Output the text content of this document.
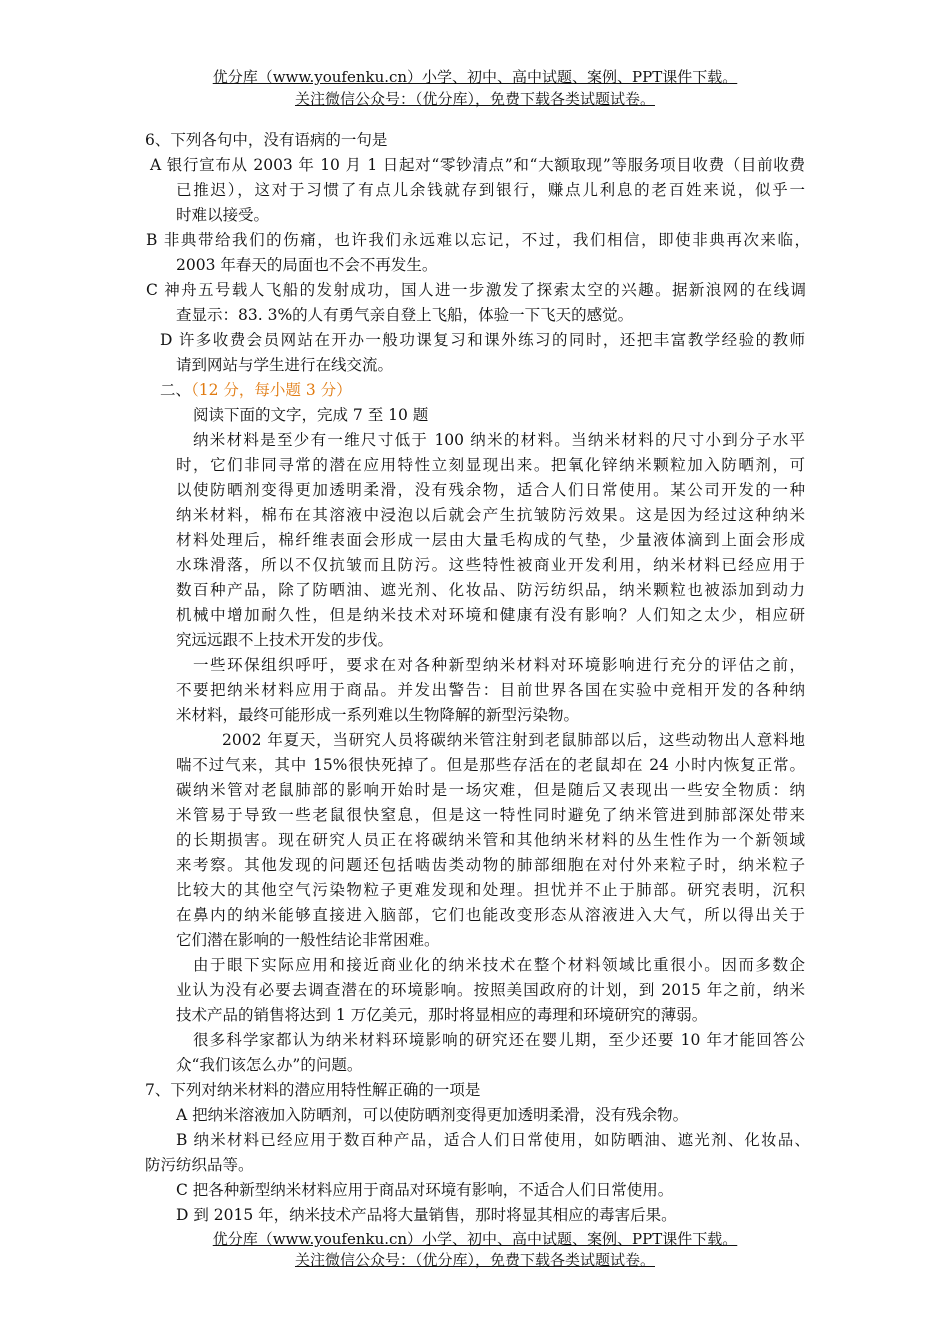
优分库（www.youfenku.cn）小学、初中、高中试题、案例、PPT课件下载。
关注微信公众号：（优分库），免费下载各类试题试卷。
6、下列各句中，没有语病的一句是
A 银行宣布从 2003 年 10 月 1 日起对“零钞清点”和“大额取现”等服务项目收费（目前收费
已推迟），这对于习惯了有点儿余钱就存到银行，赚点儿利息的老百姓来说，似乎一
时难以接受。
B 非典带给我们的伤痛，也许我们永远难以忘记，不过，我们相信，即使非典再次来临，
2003 年春天的局面也不会不再发生。
C 神舟五号载人飞船的发射成功，国人进一步激发了探索太空的兴趣。据新浪网的在线调
查显示：83. 3%的人有勇气亲自登上飞船，体验一下飞天的感觉。
D 许多收费会员网站在开办一般功课复习和课外练习的同时，还把丰富教学经验的教师
请到网站与学生进行在线交流。
二、（12 分，每小题 3 分）
阅读下面的文字，完成 7 至 10 题
纳米材料是至少有一维尺寸低于 100 纳米的材料。当纳米材料的尺寸小到分子水平
时，它们非同寻常的潜在应用特性立刻显现出来。把氧化锌纳米颗粒加入防晒剂，可
以使防晒剂变得更加透明柔滑，没有残余物，适合人们日常使用。某公司开发的一种
纳米材料，棉布在其溶液中浸泡以后就会产生抗皱防污效果。这是因为经过这种纳米
材料处理后，棉纤维表面会形成一层由大量毛构成的气垫，少量液体滴到上面会形成
水珠滑落，所以不仅抗皱而且防污。这些特性被商业开发利用，纳米材料已经应用于
数百种产品，除了防晒油、遮光剂、化妆品、防污纺织品，纳米颗粒也被添加到动力
机械中增加耐久性，但是纳米技术对环境和健康有没有影响？人们知之太少，相应研
究远远跟不上技术开发的步伐。
一些环保组织呼吁，要求在对各种新型纳米材料对环境影响进行充分的评估之前，
不要把纳米材料应用于商品。并发出警告：目前世界各国在实验中竞相开发的各种纳
米材料，最终可能形成一系列难以生物降解的新型污染物。
2002 年夏天，当研究人员将碳纳米管注射到老鼠肺部以后，这些动物出人意料地
喘不过气来，其中 15%很快死掉了。但是那些存活在的老鼠却在 24 小时内恢复正常。
碳纳米管对老鼠肺部的影响开始时是一场灾难，但是随后又表现出一些安全物质：纳
米管易于导致一些老鼠很快窒息，但是这一特性同时避免了纳米管进到肺部深处带来
的长期损害。现在研究人员正在将碳纳米管和其他纳米材料的丛生性作为一个新领域
来考察。其他发现的问题还包括啮齿类动物的肺部细胞在对付外来粒子时，纳米粒子
比较大的其他空气污染物粒子更难发现和处理。担忧并不止于肺部。研究表明，沉积
在鼻内的纳米能够直接进入脑部，它们也能改变形态从溶液进入大气，所以得出关于
它们潜在影响的一般性结论非常困难。
由于眼下实际应用和接近商业化的纳米技术在整个材料领域比重很小。因而多数企
业认为没有必要去调查潜在的环境影响。按照美国政府的计划，到 2015 年之前，纳米
技术产品的销售将达到 1 万亿美元，那时将显相应的毒理和环境研究的薄弱。
很多科学家都认为纳米材料环境影响的研究还在婴儿期，至少还要 10 年才能回答公
众“我们该怎么办”的问题。
7、下列对纳米材料的潜应用特性解正确的一项是
A 把纳米溶液加入防晒剂，可以使防晒剂变得更加透明柔滑，没有残余物。
B 纳米材料已经应用于数百种产品，适合人们日常使用，如防晒油、遮光剂、化妆品、
防污纺织品等。
C 把各种新型纳米材料应用于商品对环境有影响，不适合人们日常使用。
D 到 2015 年，纳米技术产品将大量销售，那时将显其相应的毒害后果。
优分库（www.youfenku.cn）小学、初中、高中试题、案例、PPT课件下载。
关注微信公众号：（优分库），免费下载各类试题试卷。
